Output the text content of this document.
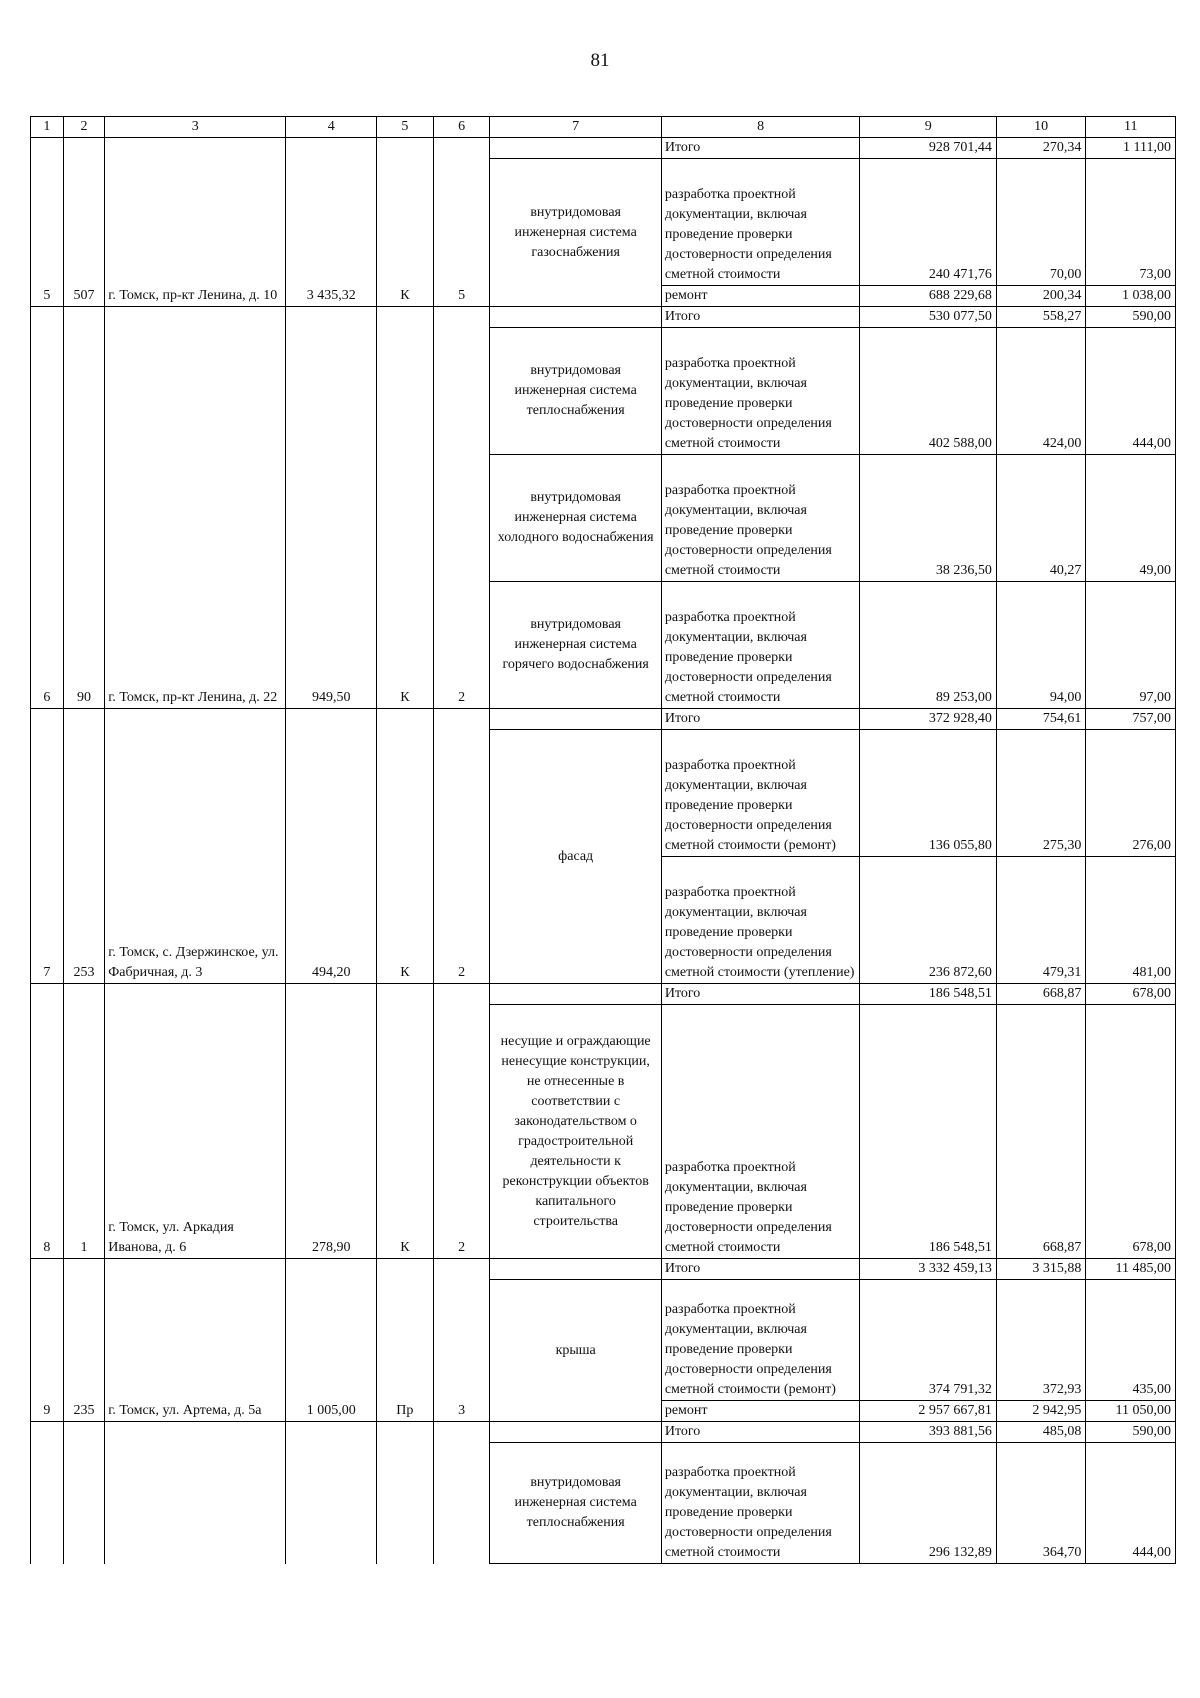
81
1	2	3	4	5	6	7	8	9	10	11
5	507	г. Томск, пр-кт Ленина, д. 10	3 435,32	К	5		Итого	928 701,44	270,34	1 111,00
						внутридомовая инженерная система газоснабжения	разработка проектной документации, включая проведение проверки достоверности определения сметной стоимости	240 471,76	70,00	73,00
							ремонт	688 229,68	200,34	1 038,00
6	90	г. Томск, пр-кт Ленина, д. 22	949,50	К	2		Итого	530 077,50	558,27	590,00
						внутридомовая инженерная система теплоснабжения	разработка проектной документации, включая проведение проверки достоверности определения сметной стоимости	402 588,00	424,00	444,00
						внутридомовая инженерная система холодного водоснабжения	разработка проектной документации, включая проведение проверки достоверности определения сметной стоимости	38 236,50	40,27	49,00
						внутридомовая инженерная система горячего водоснабжения	разработка проектной документации, включая проведение проверки достоверности определения сметной стоимости	89 253,00	94,00	97,00
7	253	г. Томск, с. Дзержинское, ул. Фабричная, д. 3	494,20	К	2		Итого	372 928,40	754,61	757,00
						фасад	разработка проектной документации, включая проведение проверки достоверности определения сметной стоимости (ремонт)	136 055,80	275,30	276,00
							разработка проектной документации, включая проведение проверки достоверности определения сметной стоимости (утепление)	236 872,60	479,31	481,00
8	1	г. Томск, ул. Аркадия Иванова, д. 6	278,90	К	2		Итого	186 548,51	668,87	678,00
						несущие и ограждающие ненесущие конструкции, не отнесенные в соответствии с законодательством о градостроительной деятельности к реконструкции объектов капитального строительства	разработка проектной документации, включая проведение проверки достоверности определения сметной стоимости	186 548,51	668,87	678,00
9	235	г. Томск, ул. Артема, д. 5а	1 005,00	Пр	3		Итого	3 332 459,13	3 315,88	11 485,00
						крыша	разработка проектной документации, включая проведение проверки достоверности определения сметной стоимости (ремонт)	374 791,32	372,93	435,00
							ремонт	2 957 667,81	2 942,95	11 050,00
							Итого	393 881,56	485,08	590,00
						внутридомовая инженерная система теплоснабжения	разработка проектной документации, включая проведение проверки достоверности определения сметной стоимости	296 132,89	364,70	444,00
